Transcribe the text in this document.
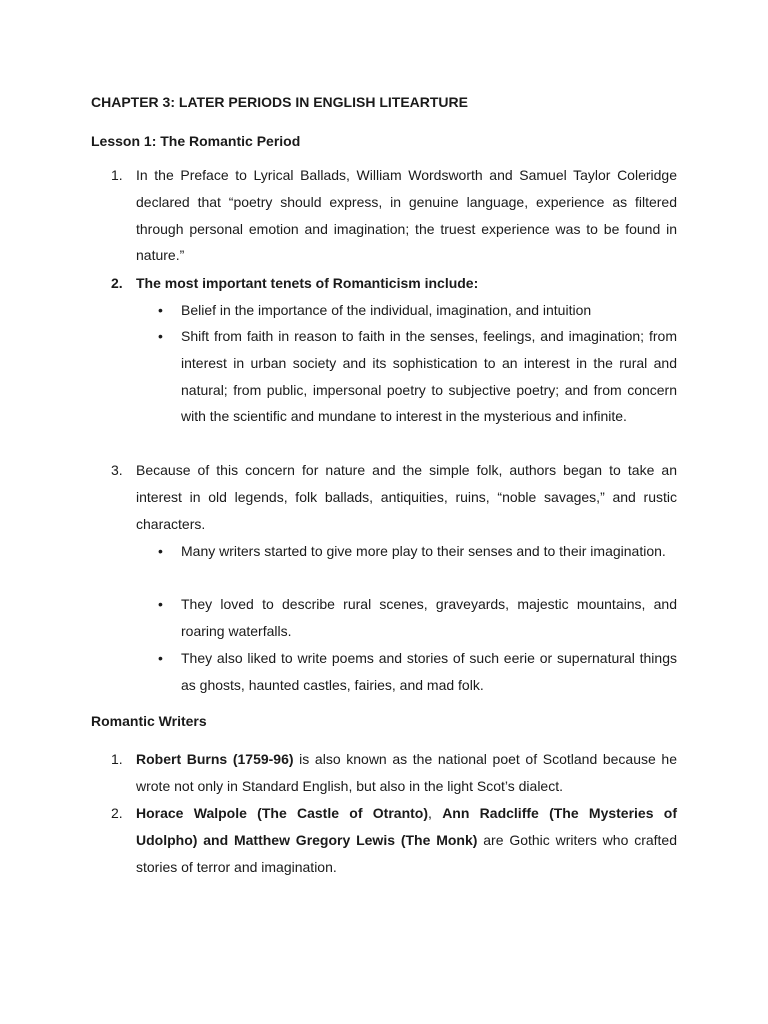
CHAPTER 3: LATER PERIODS IN ENGLISH LITEARTURE
Lesson 1: The Romantic Period
1. In the Preface to Lyrical Ballads, William Wordsworth and Samuel Taylor Coleridge declared that “poetry should express, in genuine language, experience as filtered through personal emotion and imagination; the truest experience was to be found in nature.”
2. The most important tenets of Romanticism include:
•	Belief in the importance of the individual, imagination, and intuition
•	Shift from faith in reason to faith in the senses, feelings, and imagination; from interest in urban society and its sophistication to an interest in the rural and natural; from public, impersonal poetry to subjective poetry; and from concern with the scientific and mundane to interest in the mysterious and infinite.
3. Because of this concern for nature and the simple folk, authors began to take an interest in old legends, folk ballads, antiquities, ruins, “noble savages,” and rustic characters.
•	Many writers started to give more play to their senses and to their imagination.
•	They loved to describe rural scenes, graveyards, majestic mountains, and roaring waterfalls.
•	They also liked to write poems and stories of such eerie or supernatural things as ghosts, haunted castles, fairies, and mad folk.
Romantic Writers
1. Robert Burns (1759-96) is also known as the national poet of Scotland because he wrote not only in Standard English, but also in the light Scot’s dialect.
2. Horace Walpole (The Castle of Otranto), Ann Radcliffe (The Mysteries of Udolpho) and Matthew Gregory Lewis (The Monk) are Gothic writers who crafted stories of terror and imagination.
